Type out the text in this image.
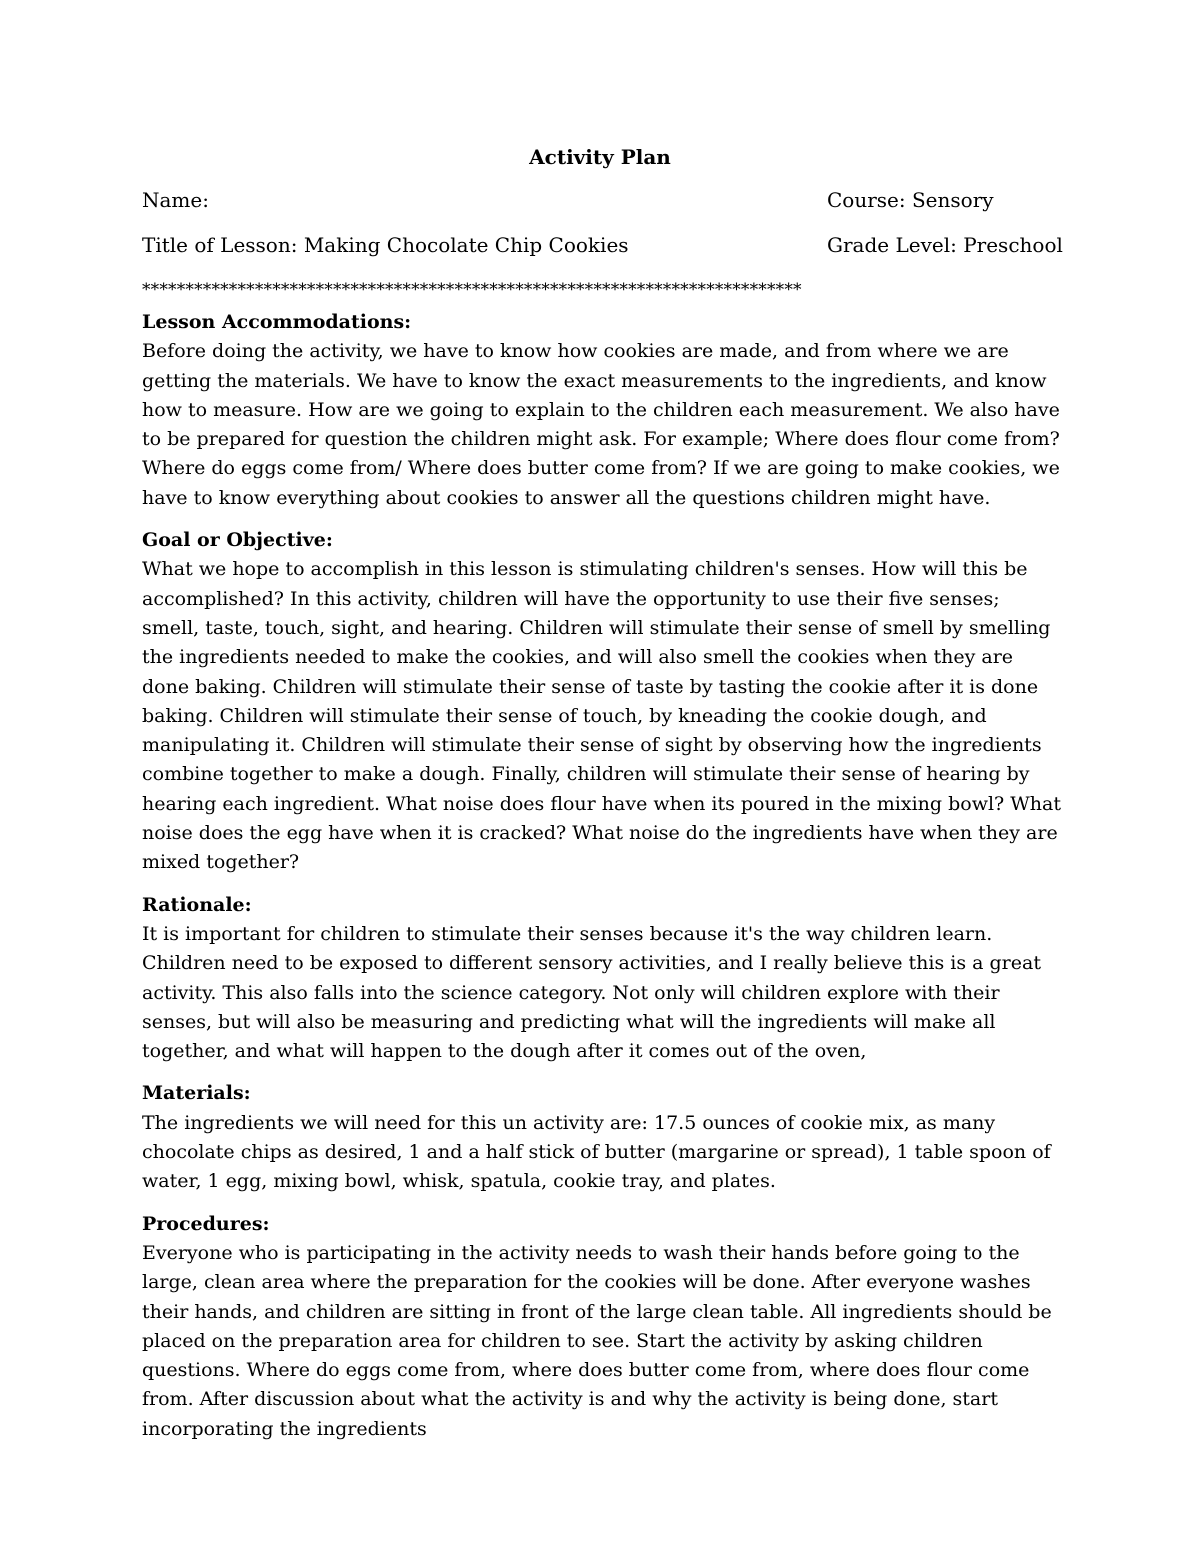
Activity Plan
Name:	Course: Sensory
Title of Lesson: Making Chocolate Chip Cookies	Grade Level: Preschool
****************************************************************************
Lesson Accommodations:

Before doing the activity, we have to know how cookies are made, and from where we are getting the materials. We have to know the exact measurements to the ingredients, and know how to measure. How are we going to explain to the children each measurement. We also have to be prepared for question the children might ask. For example; Where does flour come from? Where do eggs come from/ Where does butter come from? If we are going to make cookies, we have to know everything about cookies to answer all the questions children might have.

Goal or Objective:

What we hope to accomplish in this lesson is stimulating children's senses. How will this be accomplished? In this activity, children will have the opportunity to use their five senses; smell, taste, touch, sight, and hearing. Children will stimulate their sense of smell by smelling the ingredients needed to make the cookies, and will also smell the cookies when they are done baking. Children will stimulate their sense of taste by tasting the cookie after it is done baking. Children will stimulate their sense of touch, by kneading the cookie dough, and manipulating it. Children will stimulate their sense of sight by observing how the ingredients combine together to make a dough. Finally, children will stimulate their sense of hearing by hearing each ingredient. What noise does flour have when its poured in the mixing bowl? What noise does the egg have when it is cracked? What noise do the ingredients have when they are mixed together?

Rationale:

It is important for children to stimulate their senses because it's the way children learn. Children need to be exposed to different sensory activities, and I really believe this is a great activity. This also falls into the science category. Not only will children explore with their senses, but will also be measuring and predicting what will the ingredients will make all together, and what will happen to the dough after it comes out of the oven,

Materials:

The ingredients we will need for this un activity are: 17.5 ounces of cookie mix, as many chocolate chips as desired, 1 and a half stick of butter (margarine or spread), 1 table spoon of water, 1 egg, mixing bowl, whisk, spatula, cookie tray, and plates.

Procedures:

Everyone who is participating in the activity needs to wash their hands before going to the large, clean area where the preparation for the cookies will be done. After everyone washes their hands, and children are sitting in front of the large clean table. All ingredients should be placed on the preparation area for children to see. Start the activity by asking children questions. Where do eggs come from, where does butter come from, where does flour come from. After discussion about what the activity is and why the activity is being done, start incorporating the ingredients
